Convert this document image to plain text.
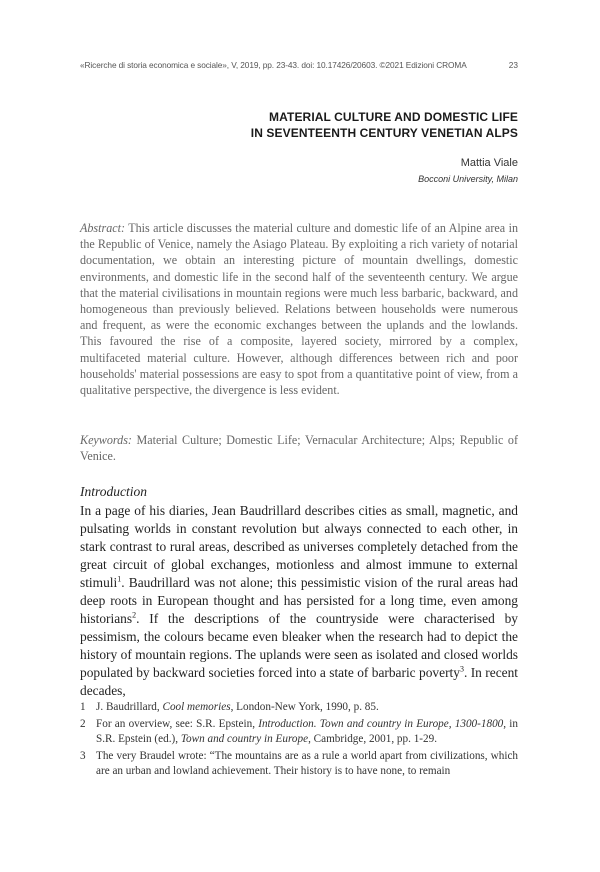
«Ricerche di storia economica e sociale», V, 2019, pp. 23-43. doi: 10.17426/20603. ©2021 Edizioni CROMA	23
MATERIAL CULTURE AND DOMESTIC LIFE
IN SEVENTEENTH CENTURY VENETIAN ALPS
Mattia Viale
Bocconi University, Milan

Abstract: This article discusses the material culture and domestic life of an Alpine area in the Republic of Venice, namely the Asiago Plateau. By exploiting a rich variety of notarial documentation, we obtain an interesting picture of mountain dwellings, domestic environments, and domestic life in the second half of the seventeenth century. We argue that the material civilisations in mountain regions were much less barbaric, backward, and homogeneous than previously believed. Relations between households were numerous and frequent, as were the economic exchanges between the uplands and the lowlands. This favoured the rise of a composite, layered society, mirrored by a complex, multifaceted material culture. However, although differences between rich and poor households' material possessions are easy to spot from a quantitative point of view, from a qualitative perspective, the divergence is less evident.

Keywords: Material Culture; Domestic Life; Vernacular Architecture; Alps; Republic of Venice.

Introduction

In a page of his diaries, Jean Baudrillard describes cities as small, magnetic, and pulsating worlds in constant revolution but always connected to each other, in stark contrast to rural areas, described as universes completely detached from the great circuit of global exchanges, motionless and almost immune to external stimuli$^1$. Baudrillard was not alone; this pessimistic vision of the rural areas had deep roots in European thought and has persisted for a long time, even among historians$^2$. If the descriptions of the countryside were characterised by pessimism, the colours became even bleaker when the research had to depict the history of mountain regions. The uplands were seen as isolated and closed worlds populated by backward societies forced into a state of barbaric poverty$^3$. In recent decades,

1 J. Baudrillard, Cool memories, London-New York, 1990, p. 85.
2 For an overview, see: S.R. Epstein, Introduction. Town and country in Europe, 1300-1800, in S.R. Epstein (ed.), Town and country in Europe, Cambridge, 2001, pp. 1-29.
3 The very Braudel wrote: “The mountains are as a rule a world apart from civilizations, which are an urban and lowland achievement. Their history is to have none, to remain
